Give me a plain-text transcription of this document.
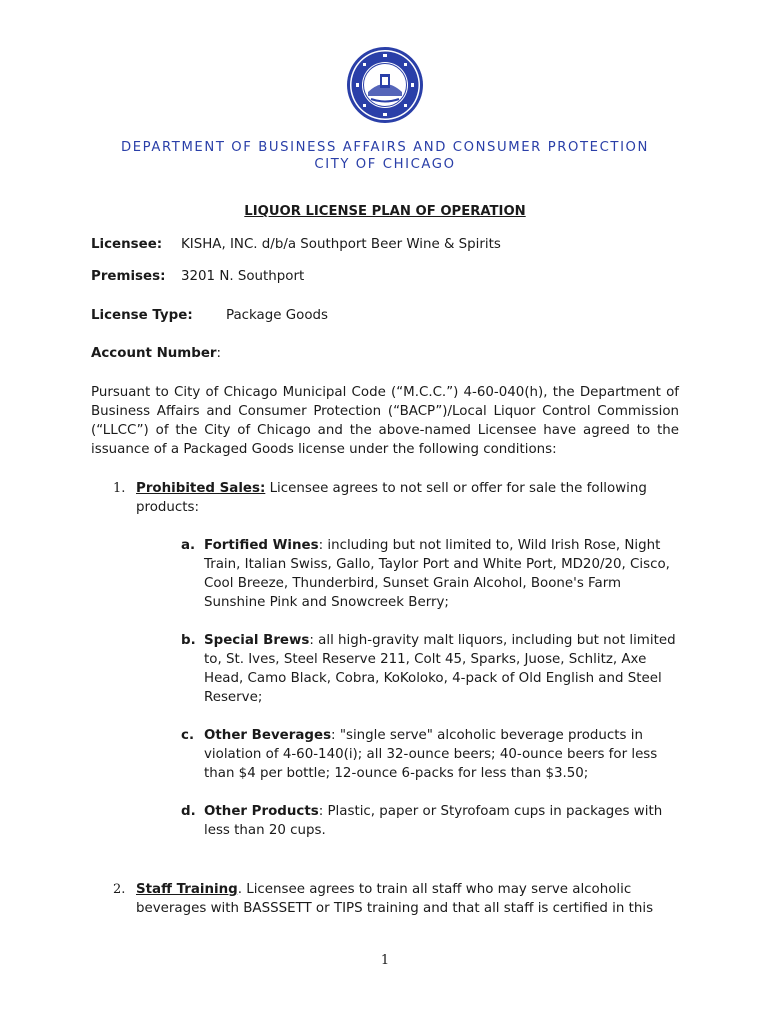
DEPARTMENT OF BUSINESS AFFAIRS AND CONSUMER PROTECTION
CITY OF CHICAGO
LIQUOR LICENSE PLAN OF OPERATION
Licensee: KISHA, INC. d/b/a Southport Beer Wine & Spirits
Premises: 3201 N. Southport
License Type: Package Goods
Account Number:
Pursuant to City of Chicago Municipal Code (“M.C.C.”) 4-60-040(h), the Department of Business Affairs and Consumer Protection (“BACP”)/Local Liquor Control Commission (“LLCC”) of the City of Chicago and the above-named Licensee have agreed to the issuance of a Packaged Goods license under the following conditions:
1. Prohibited Sales: Licensee agrees to not sell or offer for sale the following products:
a. Fortified Wines: including but not limited to, Wild Irish Rose, Night Train, Italian Swiss, Gallo, Taylor Port and White Port, MD20/20, Cisco, Cool Breeze, Thunderbird, Sunset Grain Alcohol, Boone's Farm Sunshine Pink and Snowcreek Berry;
b. Special Brews: all high-gravity malt liquors, including but not limited to, St. Ives, Steel Reserve 211, Colt 45, Sparks, Juose, Schlitz, Axe Head, Camo Black, Cobra, KoKoloko, 4-pack of Old English and Steel Reserve;
c. Other Beverages: "single serve" alcoholic beverage products in violation of 4-60-140(i); all 32-ounce beers; 40-ounce beers for less than $4 per bottle; 12-ounce 6-packs for less than $3.50;
d. Other Products: Plastic, paper or Styrofoam cups in packages with less than 20 cups.
2. Staff Training. Licensee agrees to train all staff who may serve alcoholic beverages with BASSSETT or TIPS training and that all staff is certified in this
1
